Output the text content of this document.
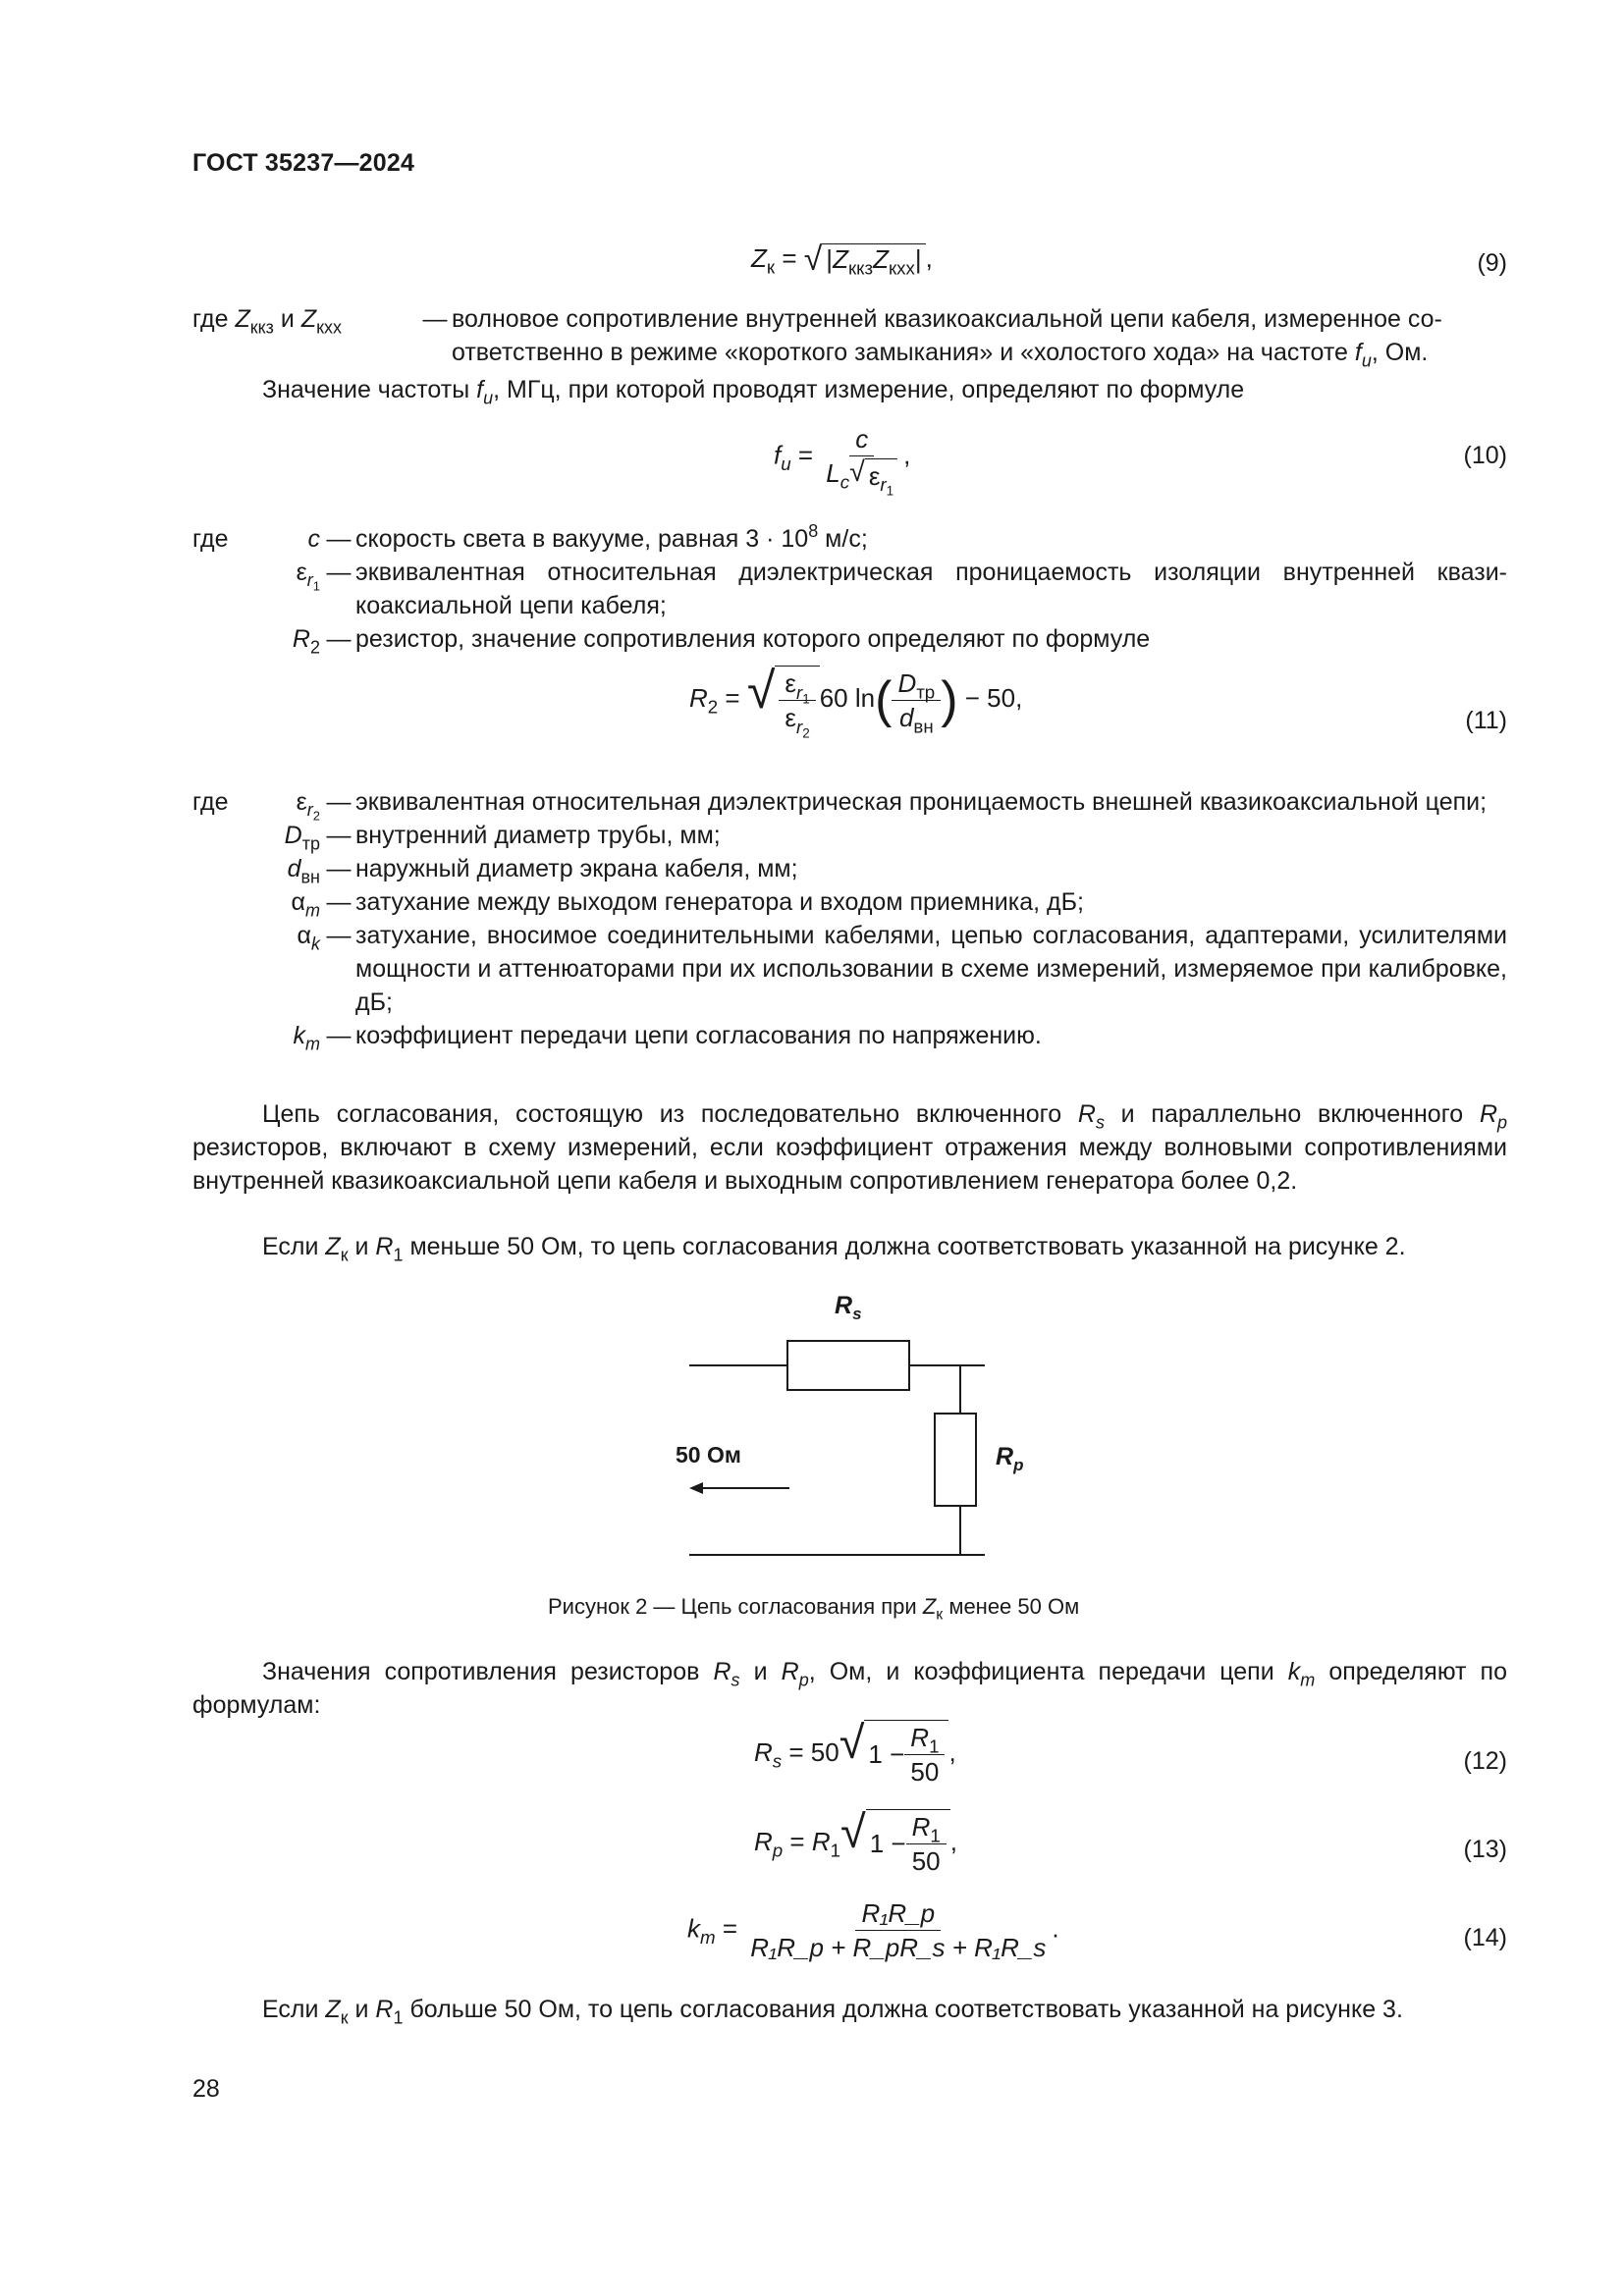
ГОСТ 35237—2024
$Z_к$ = √ $|Z_{ккз}Z_{кхх}|$ ,	(9)
где $Z_{ккз}$ и $Z_{кхх}$	— волновое сопротивление внутренней квазикоаксиальной цепи кабеля, измеренное со-
ответственно в режиме «короткого замыкания» и «холостого хода» на частоте $f_u$, Ом.
Значение частоты $f_u$, МГц, при которой проводят измерение, определяют по формуле
$f_u = \frac{c}{L_c √ \varepsilon_{r_1}}$ ,	(10)
где	c — скорость света в вакууме, равная $3 \cdot 10^8$ м/с;
$\varepsilon_{r_1}$
— эквивалентная относительная диэлектрическая проницаемость изоляции внутренней квазикоаксиальной цепи кабеля;
$R_2$ — резистор, значение сопротивления которого определяют по формуле
$R_2$ = √ $\frac{\varepsilon_{r_1}}{\varepsilon_{r_2}} 60$ $\ln( \frac{D_{тр}}{d_{вн}}$ ) − 50,
(11)
где	$\varepsilon_{r_2}$
— эквивалентная относительная диэлектрическая проницаемость внешней квазикоаксиальной цепи;
$D_{тр}$ — внутренний диаметр трубы, мм;
$d_{вн}$ — наружный диаметр экрана кабеля, мм;
$\alpha_m$ — затухание между выходом генератора и входом приемника, дБ;
$\alpha_k$ — затухание, вносимое соединительными кабелями, цепью согласования, адаптерами, усилителями мощности и аттенюаторами при их использовании в схеме измерений, измеряемое при калибровке, дБ;
$k_m$ — коэффициент передачи цепи согласования по напряжению.
Цепь согласования, состоящую из последовательно включенного $R_s$ и параллельно включенного $R_p$ резисторов, включают в схему измерений, если коэффициент отражения между волновыми сопротивлениями внутренней квазикоаксиальной цепи кабеля и выходным сопротивлением генератора более 0,2.
Если $Z_к$ и $R_1$ меньше 50 Ом, то цепь согласования должна соответствовать указанной на рисунке 2.
$R_s$
$R_p$
50 Ом
Рисунок 2 — Цепь согласования при $Z_к$ менее 50 Ом
Значения сопротивления резисторов $R_s$ и $R_p$, Ом, и коэффициента передачи цепи $k_m$ определяют по формулам:
$R_s = 50$ √ $1 - \frac{R_1}{50}$ ,	(12)
$R_p = R_1$ √ $1 - \frac{R_1}{50}$ ,	(13)
$k_m = \frac{\text{R₁R\_p}}{\text{R₁R\_p + R\_pR\_s + R₁R\_s}}$ .	(14)
Если $Z_к$ и $R_1$ больше 50 Ом, то цепь согласования должна соответствовать указанной на рисунке 3.
28
